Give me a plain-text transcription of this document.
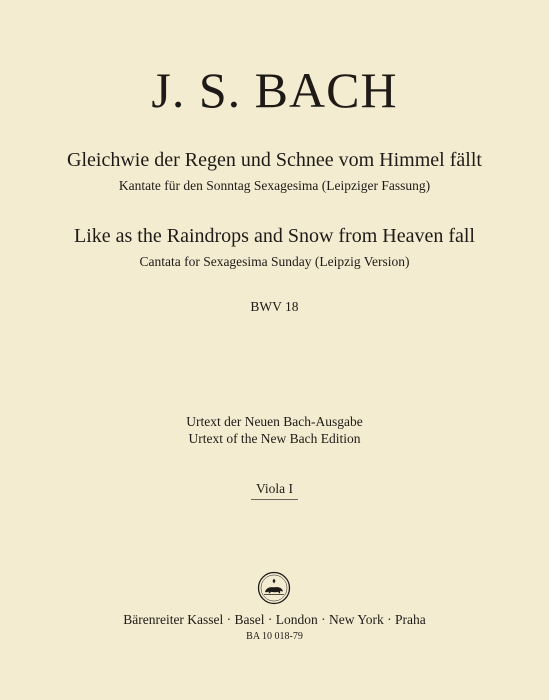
J. S. BACH
Gleichwie der Regen und Schnee vom Himmel fällt
Kantate für den Sonntag Sexagesima (Leipziger Fassung)
Like as the Raindrops and Snow from Heaven fall
Cantata for Sexagesima Sunday (Leipzig Version)
BWV 18
Urtext der Neuen Bach-Ausgabe
Urtext of the New Bach Edition
Viola I
Bärenreiter Kassel · Basel · London · New York · Praha
BA 10 018-79
